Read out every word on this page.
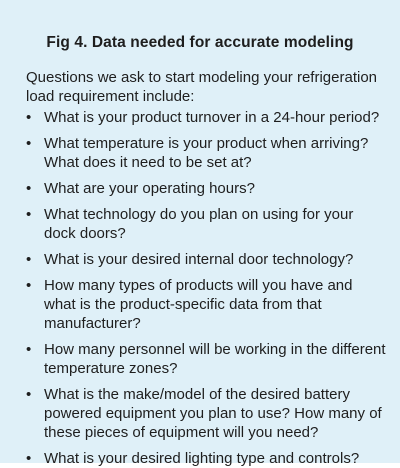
Fig 4. Data needed for accurate modeling
Questions we ask to start modeling your refrigeration load requirement include:
• What is your product turnover in a 24-hour period?
• What temperature is your product when arriving? What does it need to be set at?
• What are your operating hours?
• What technology do you plan on using for your dock doors?
• What is your desired internal door technology?
• How many types of products will you have and what is the product-specific data from that manufacturer?
• How many personnel will be working in the different temperature zones?
• What is the make/model of the desired battery powered equipment you plan to use? How many of these pieces of equipment will you need?
• What is your desired lighting type and controls?
